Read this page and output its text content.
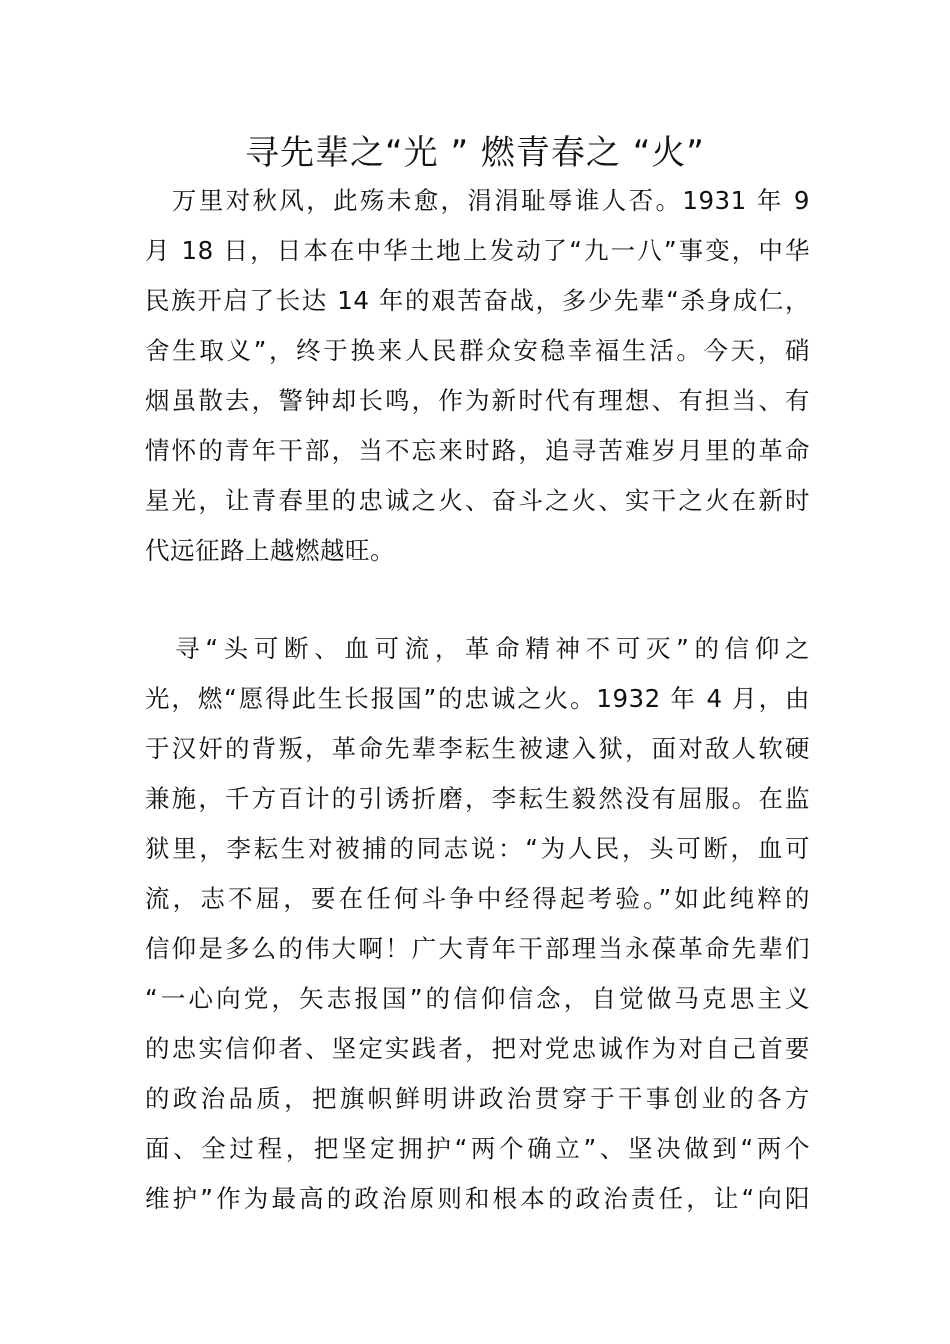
寻先辈之“光 ” 燃青春之 “火”
　万里对秋风，此殇未愈，涓涓耻辱谁人否。1931 年 9
月 18 日，日本在中华土地上发动了“九一八”事变，中华
民族开启了长达 14 年的艰苦奋战，多少先辈“杀身成仁，
舍生取义”，终于换来人民群众安稳幸福生活。今天，硝
烟虽散去，警钟却长鸣，作为新时代有理想、有担当、有
情怀的青年干部，当不忘来时路，追寻苦难岁月里的革命
星光，让青春里的忠诚之火、奋斗之火、实干之火在新时
代远征路上越燃越旺。
　寻“头可断、血可流，革命精神不可灭”的信仰之
光，燃“愿得此生长报国”的忠诚之火。1932 年 4 月，由
于汉奸的背叛，革命先辈李耘生被逮入狱，面对敌人软硬
兼施，千方百计的引诱折磨，李耘生毅然没有屈服。在监
狱里，李耘生对被捕的同志说：“为人民，头可断，血可
流，志不屈，要在任何斗争中经得起考验。”如此纯粹的
信仰是多么的伟大啊！广大青年干部理当永葆革命先辈们
“一心向党，矢志报国”的信仰信念，自觉做马克思主义
的忠实信仰者、坚定实践者，把对党忠诚作为对自己首要
的政治品质，把旗帜鲜明讲政治贯穿于干事创业的各方
面、全过程，把坚定拥护“两个确立”、坚决做到“两个
维护”作为最高的政治原则和根本的政治责任，让“向阳
